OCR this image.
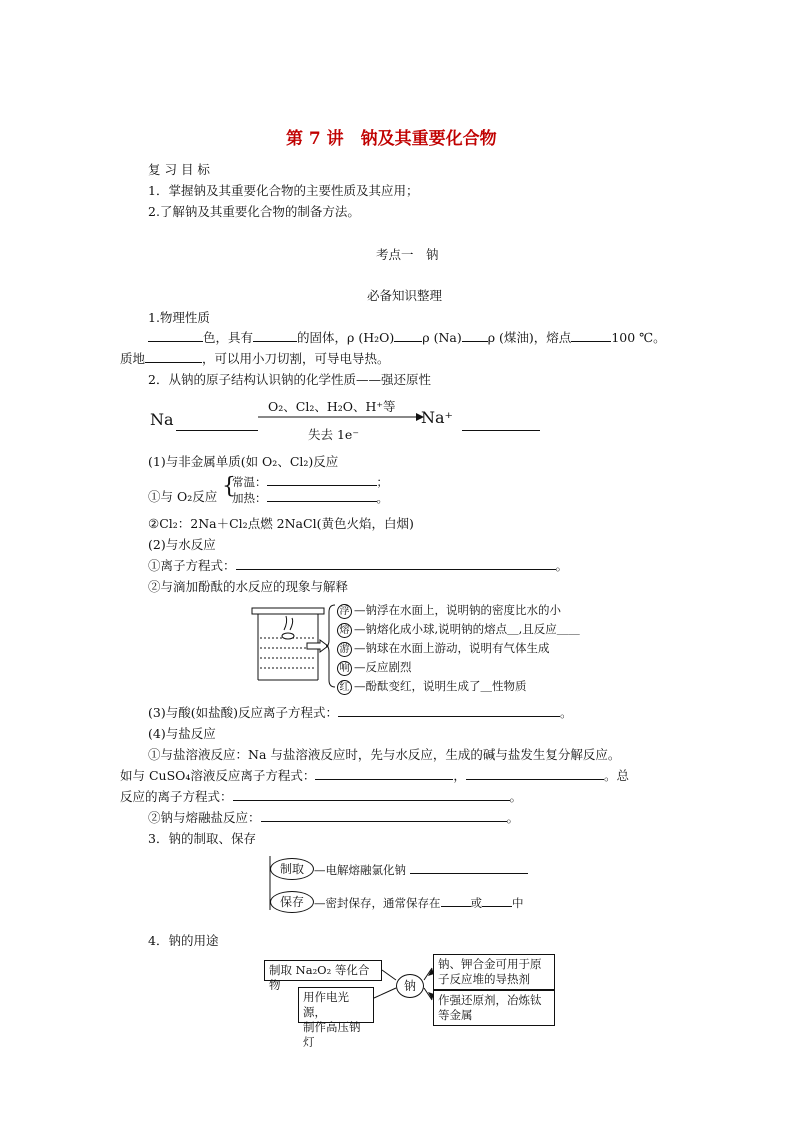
第 7 讲　钠及其重要化合物
复 习 目 标
1．掌握钠及其重要化合物的主要性质及其应用；
2.了解钠及其重要化合物的制备方法。
考点一　钠
必备知识整理
1.物理性质
色，具有	的固体，ρ (H₂O) ρ (Na) ρ (煤油)，熔点	100 ℃。
质地	，可以用小刀切割，可导电导热。
2．从钠的原子结构认识钠的化学性质——强还原性
Na
O₂、Cl₂、H₂O、H⁺等
失去 1e⁻
Na⁺
(1)与非金属单质(如 O₂、Cl₂)反应
①与 O₂反应 {
常温：	；
加热：	。
②Cl₂：2Na＋Cl₂点燃 2NaCl(黄色火焰，白烟)
(2)与水反应
①离子方程式：	。
②与滴加酚酞的水反应的现象与解释
浮 —钠浮在水面上，说明钠的密度比水的小
熔 —钠熔化成小球,说明钠的熔点＿,且反应＿＿
游 —钠球在水面上游动，说明有气体生成
响 —反应剧烈
红 —酚酞变红，说明生成了＿性物质
(3)与酸(如盐酸)反应离子方程式：	。
(4)与盐反应
①与盐溶液反应：Na 与盐溶液反应时，先与水反应，生成的碱与盐发生复分解反应。
如与 CuSO₄溶液反应离子方程式：	，	。总
反应的离子方程式：	。
②钠与熔融盐反应：	。
3．钠的制取、保存
制取 —电解熔融氯化钠
保存 —密封保存，通常保存在	或	中
4．钠的用途
制取 Na₂O₂ 等化合物
用作电光源，
制作高压钠灯
钠
钠、钾合金可用于原
子反应堆的导热剂
作强还原剂，冶炼钛
等金属
